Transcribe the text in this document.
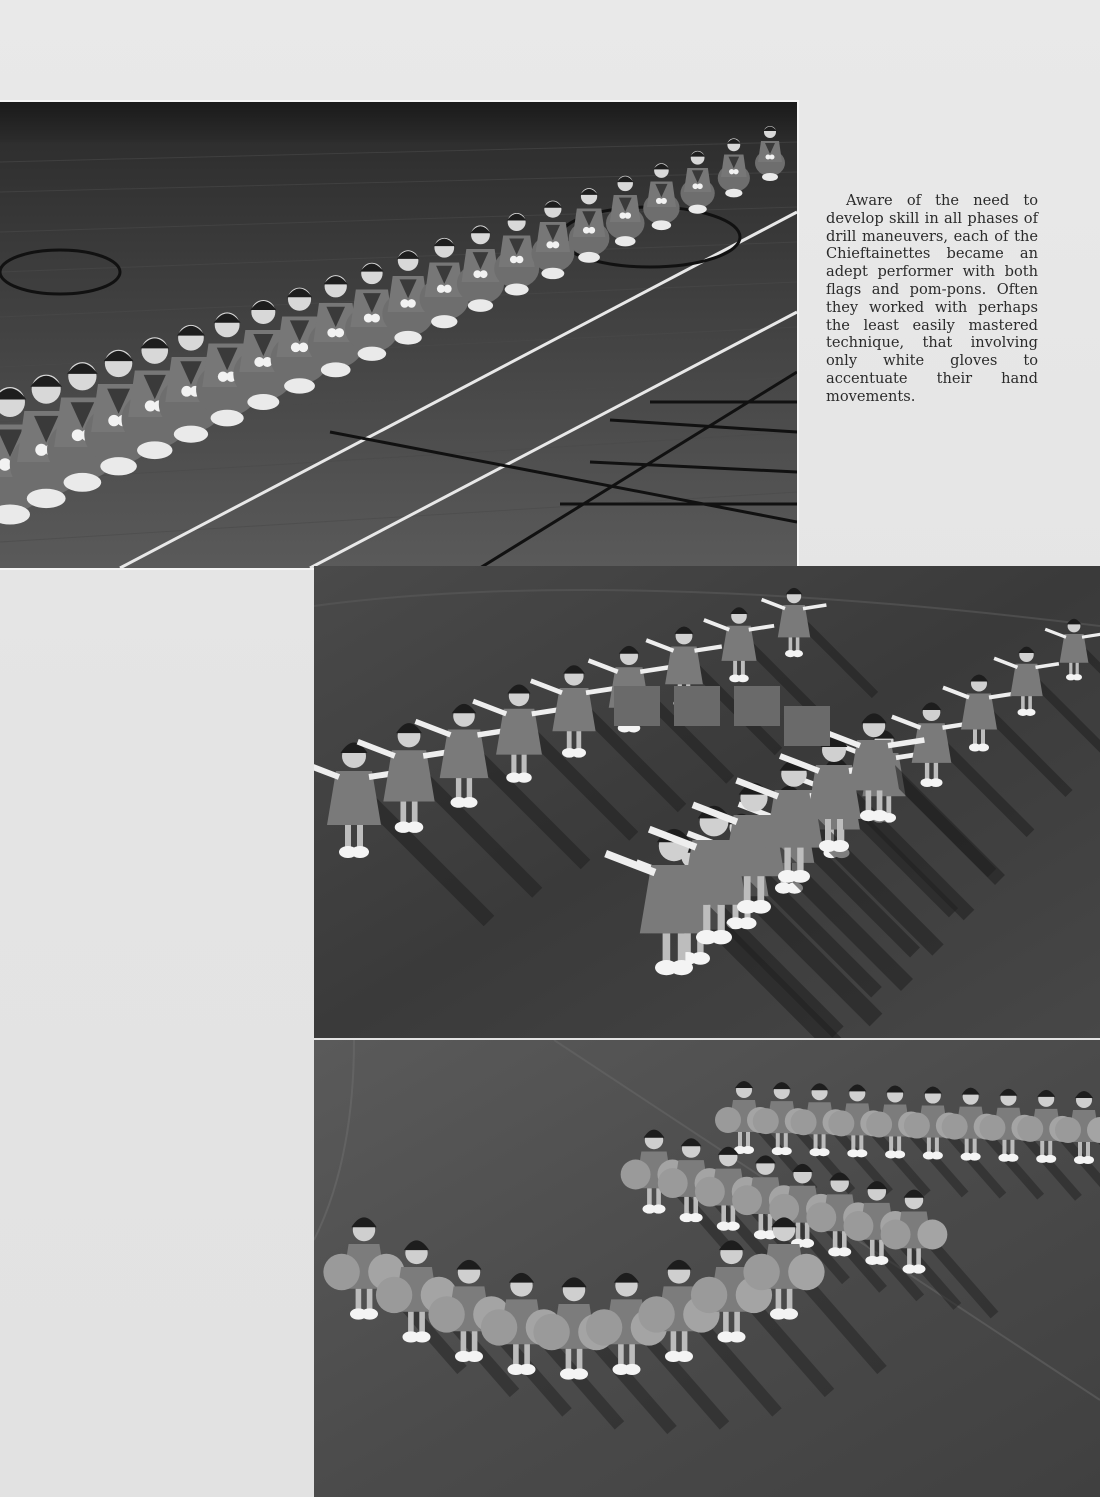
Aware of the need to develop skill in all phases of drill maneuvers, each of the Chieftainettes became an adept performer with both flags and pom-pons. Often they worked with perhaps the least easily mastered technique, that involving only white gloves to accentuate their hand movements.
